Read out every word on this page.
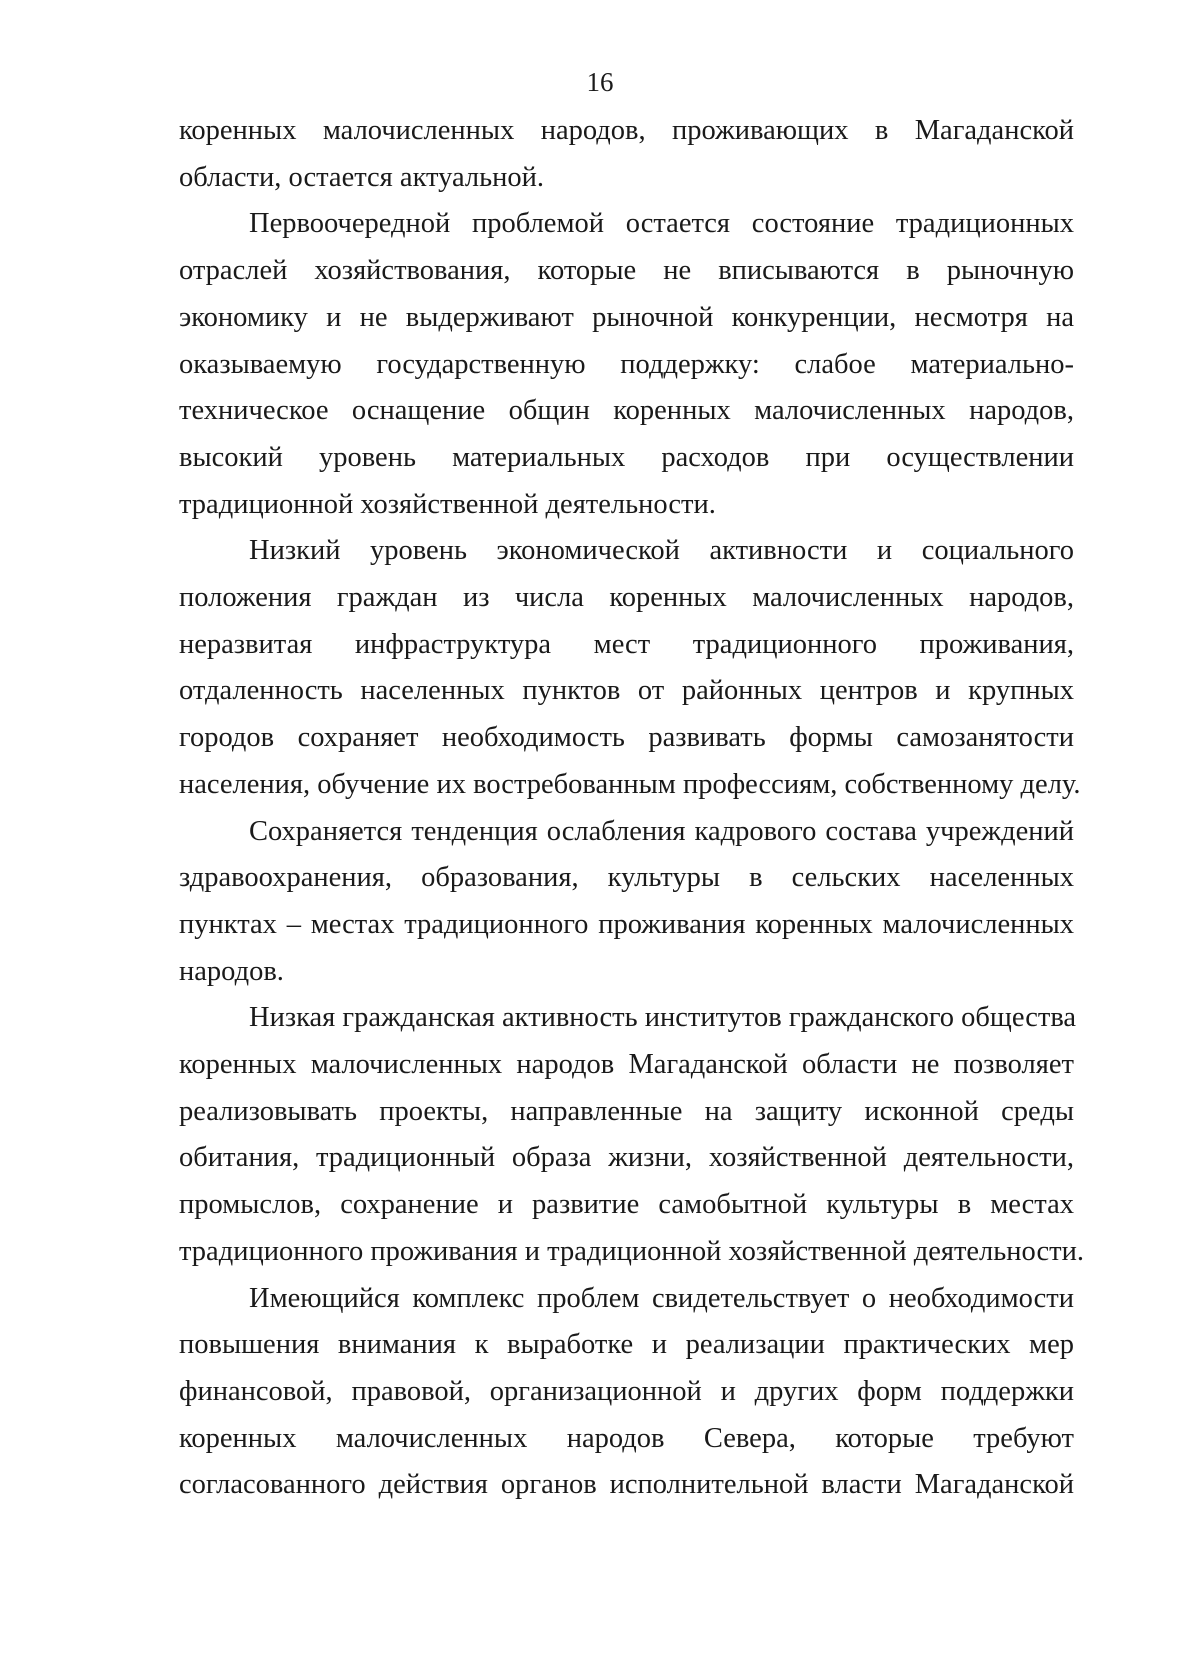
16

коренных малочисленных народов, проживающих в Магаданской
области, остается актуальной.

Первоочередной проблемой остается состояние традиционных
отраслей хозяйствования, которые не вписываются в рыночную
экономику и не выдерживают рыночной конкуренции, несмотря на
оказываемую государственную поддержку: слабое материально-
техническое оснащение общин коренных малочисленных народов,
высокий уровень материальных расходов при осуществлении
традиционной хозяйственной деятельности.

Низкий уровень экономической активности и социального
положения граждан из числа коренных малочисленных народов,
неразвитая инфраструктура мест традиционного проживания,
отдаленность населенных пунктов от районных центров и крупных
городов сохраняет необходимость развивать формы самозанятости
населения, обучение их востребованным профессиям, собственному делу.

Сохраняется тенденция ослабления кадрового состава учреждений
здравоохранения, образования, культуры в сельских населенных
пунктах – местах традиционного проживания коренных малочисленных
народов.

Низкая гражданская активность институтов гражданского общества
коренных малочисленных народов Магаданской области не позволяет
реализовывать проекты, направленные на защиту исконной среды
обитания, традиционный образа жизни, хозяйственной деятельности,
промыслов, сохранение и развитие самобытной культуры в местах
традиционного проживания и традиционной хозяйственной деятельности.

Имеющийся комплекс проблем свидетельствует о необходимости
повышения внимания к выработке и реализации практических мер
финансовой, правовой, организационной и других форм поддержки
коренных малочисленных народов Севера, которые требуют
согласованного действия органов исполнительной власти Магаданской
